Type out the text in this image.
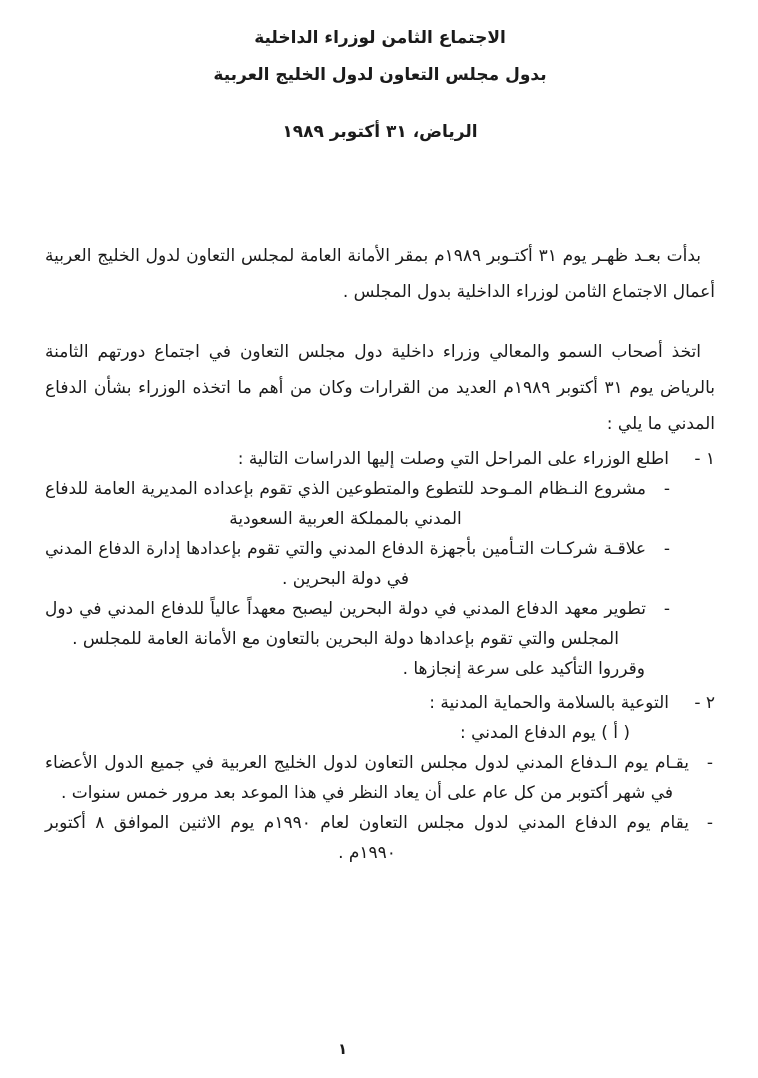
الاجتماع الثامن لوزراء الداخلية
بدول مجلس التعاون لدول الخليج العربية
الرياض، ٣١ أكتوبر ١٩٨٩

بدأت بعـد ظهـر يوم ٣١ أكتـوبر ١٩٨٩م بمقر الأمانة العامة لمجلس التعاون لدول الخليج العربية أعمال الاجتماع الثامن لوزراء الداخلية بدول المجلس .

اتخذ أصحاب السمو والمعالي وزراء داخلية دول مجلس التعاون في اجتماع دورتهم الثامنة بالرياض يوم ٣١ أكتوبر ١٩٨٩م العديد من القرارات وكان من أهم ما اتخذه الوزراء بشأن الدفاع المدني ما يلي :

١ -
اطلع الوزراء على المراحل التي وصلت إليها الدراسات التالية :
-
مشروع النـظام المـوحد للتطوع والمتطوعين الذي تقوم بإعداده المديرية العامة للدفاع المدني بالمملكة العربية السعودية
-
علاقـة شركـات التـأمين بأجهزة الدفاع المدني والتي تقوم بإعدادها إدارة الدفاع المدني في دولة البحرين .
-
تطوير معهد الدفاع المدني في دولة البحرين ليصبح معهداً عالياً للدفاع المدني في دول المجلس والتي تقوم بإعدادها دولة البحرين بالتعاون مع الأمانة العامة للمجلس .
وقرروا التأكيد على سرعة إنجازها .
٢ -
التوعية بالسلامة والحماية المدنية :
( أ ) يوم الدفاع المدني :
-
يقـام يوم الـدفاع المدني لدول مجلس التعاون لدول الخليج العربية في جميع الدول الأعضاء في شهر أكتوبر من كل عام على أن يعاد النظر في هذا الموعد بعد مرور خمس سنوات .
-
يقام يوم الدفاع المدني لدول مجلس التعاون لعام ١٩٩٠م يوم الاثنين الموافق ٨ أكتوبر ١٩٩٠م .
١
